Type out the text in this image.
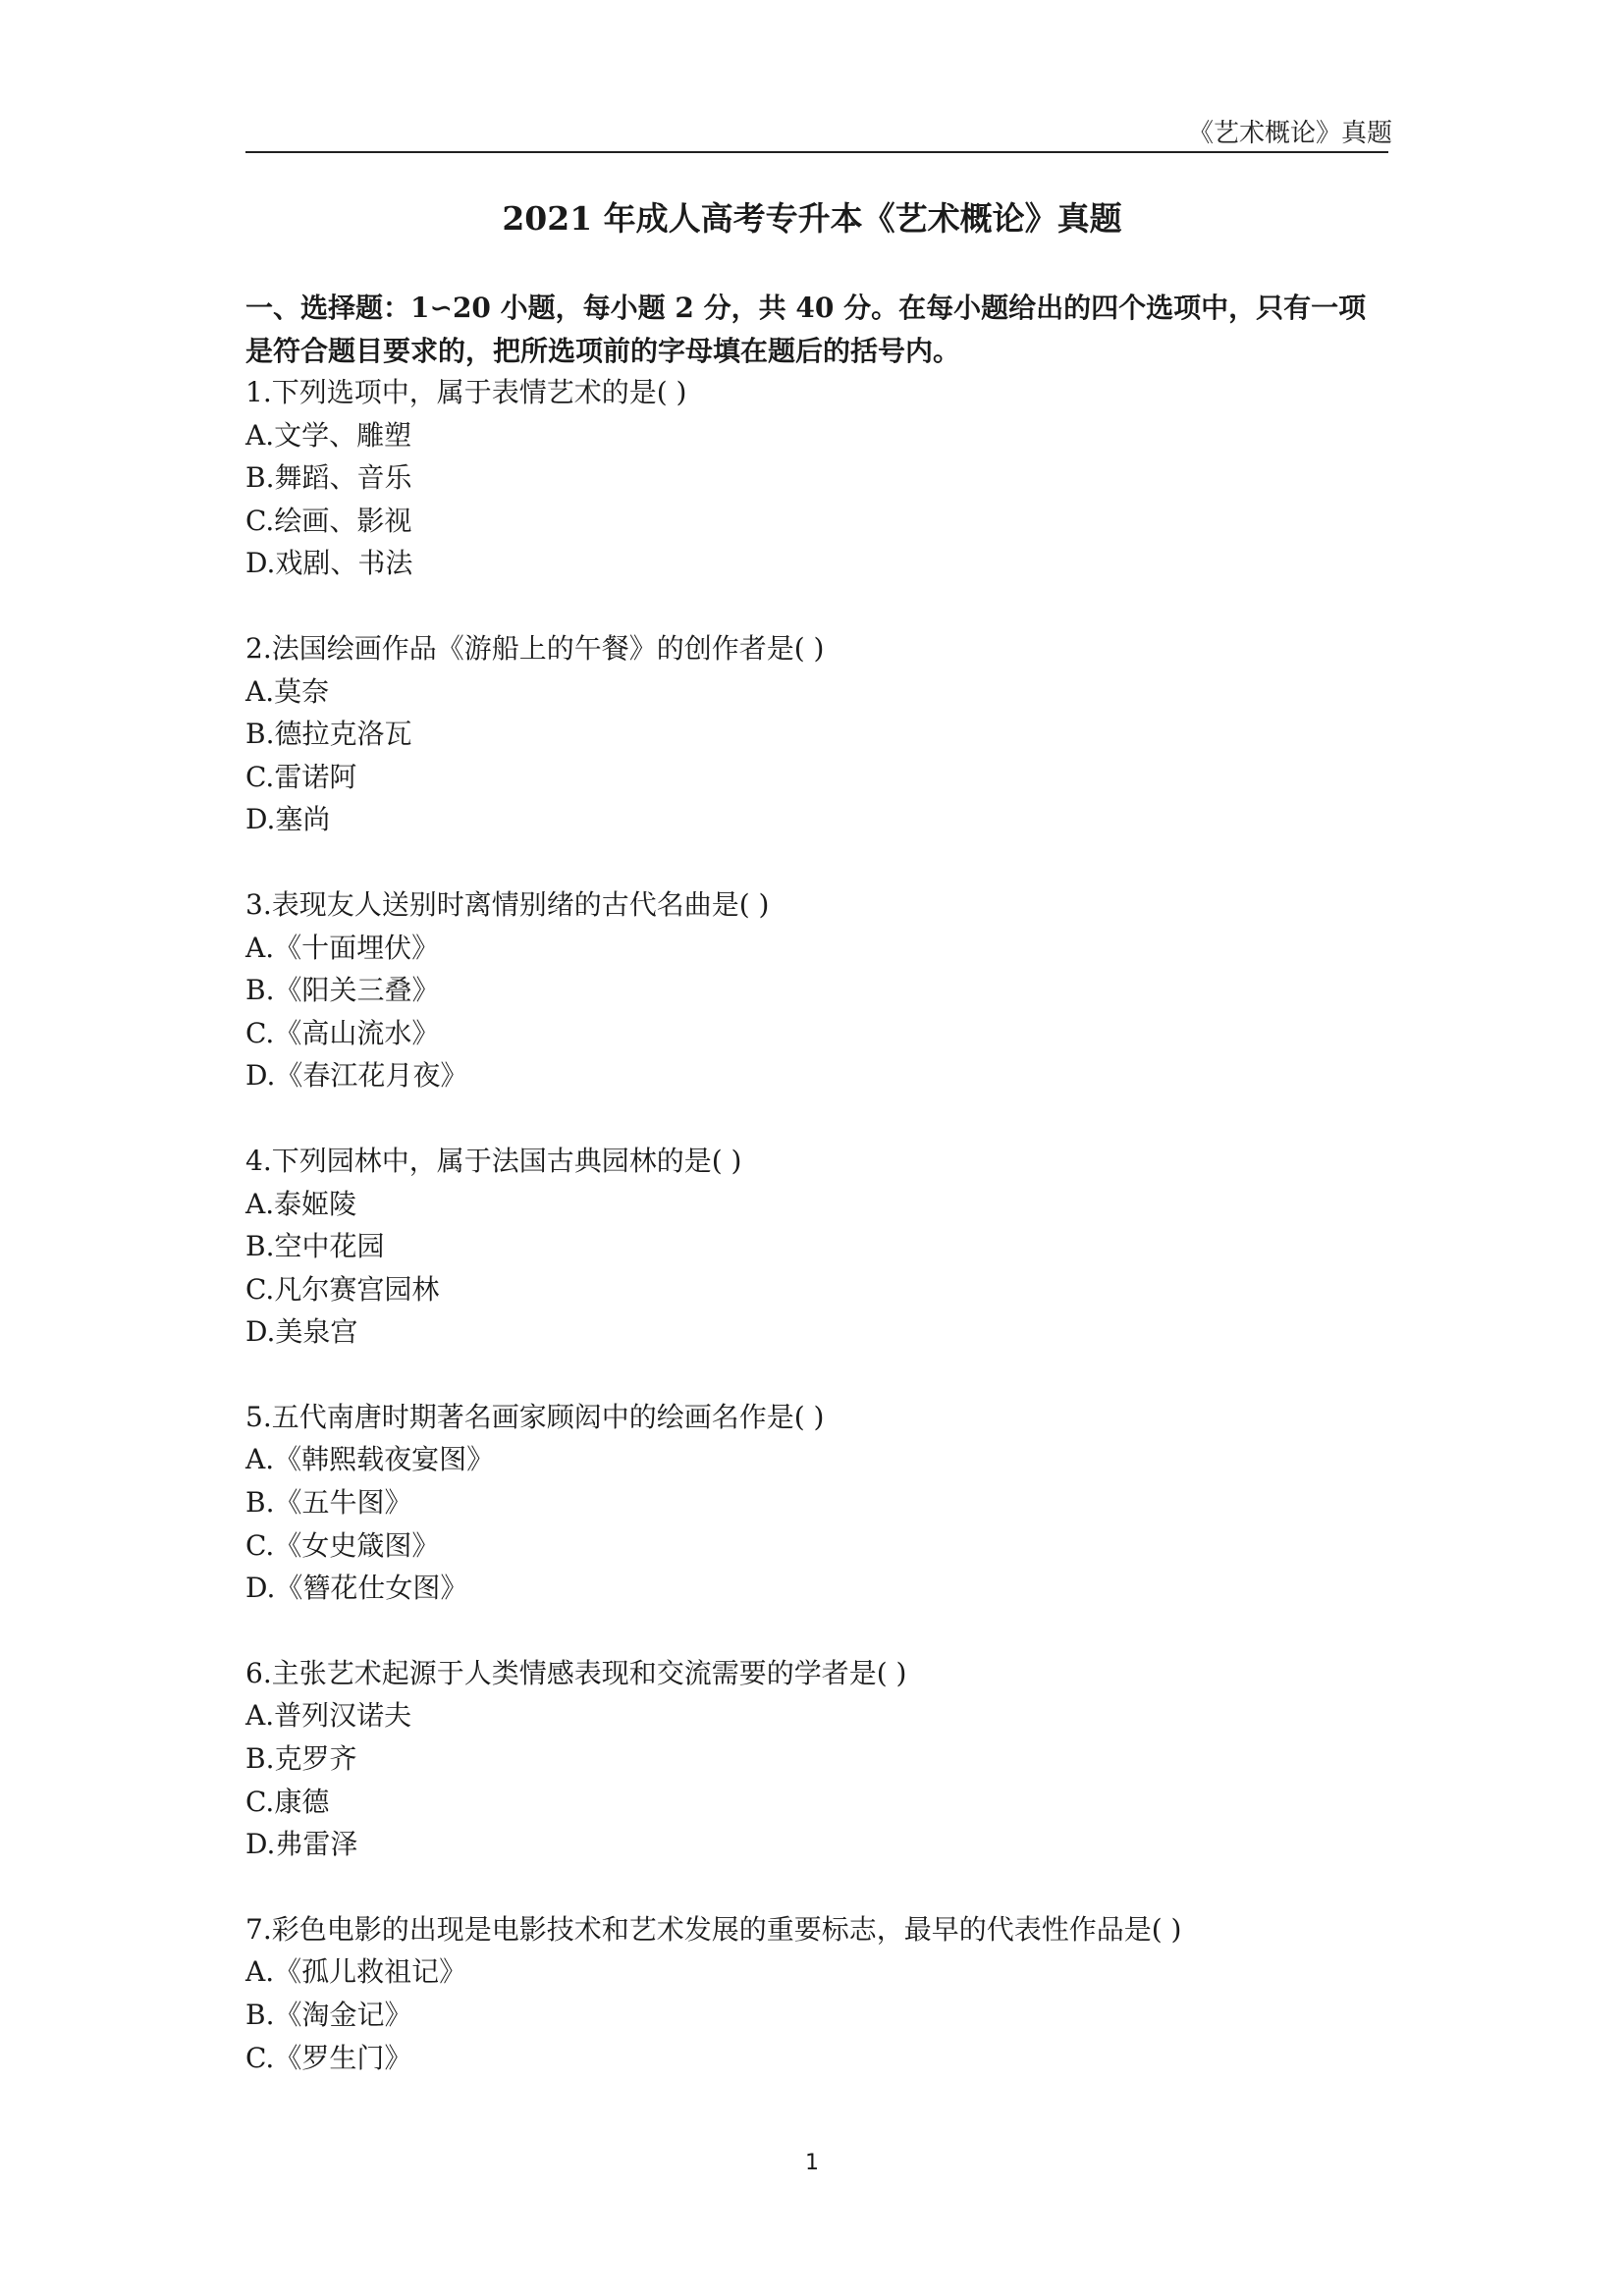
《艺术概论》真题
2021 年成人高考专升本《艺术概论》真题
一、选择题：1∽20 小题，每小题 2 分，共 40 分。在每小题给出的四个选项中，只有一项
是符合题目要求的，把所选项前的字母填在题后的括号内。
1.下列选项中，属于表情艺术的是( )
A.文学、雕塑
B.舞蹈、音乐
C.绘画、影视
D.戏剧、书法
2.法国绘画作品《游船上的午餐》的创作者是( )
A.莫奈
B.德拉克洛瓦
C.雷诺阿
D.塞尚
3.表现友人送别时离情别绪的古代名曲是( )
A.《十面埋伏》
B.《阳关三叠》
C.《高山流水》
D.《春江花月夜》
4.下列园林中，属于法国古典园林的是( )
A.泰姬陵
B.空中花园
C.凡尔赛宫园林
D.美泉宫
5.五代南唐时期著名画家顾闳中的绘画名作是( )
A.《韩熙载夜宴图》
B.《五牛图》
C.《女史箴图》
D.《簪花仕女图》
6.主张艺术起源于人类情感表现和交流需要的学者是( )
A.普列汉诺夫
B.克罗齐
C.康德
D.弗雷泽
7.彩色电影的出现是电影技术和艺术发展的重要标志，最早的代表性作品是( )
A.《孤儿救祖记》
B.《淘金记》
C.《罗生门》
1
